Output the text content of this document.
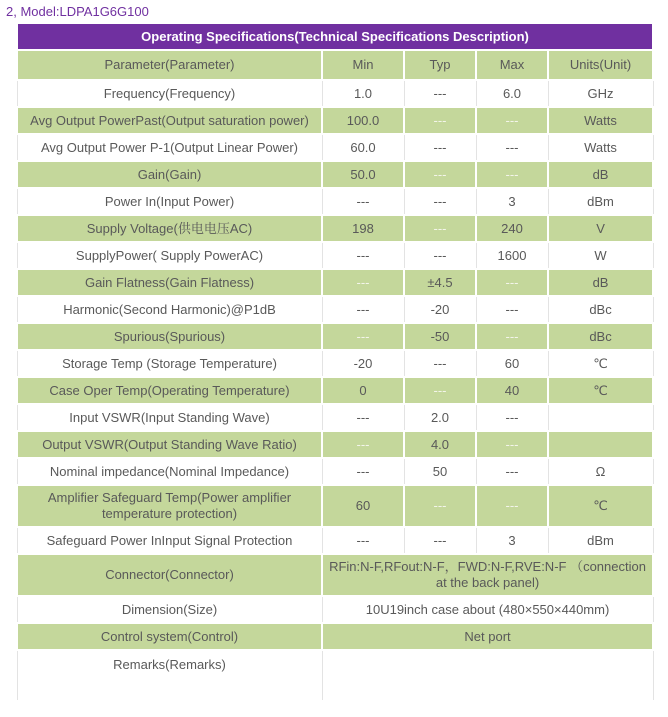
2, Model:LDPA1G6G100
Operating Specifications(Technical Specifications Description)				
Parameter(Parameter)	Min	Typ	Max	Units(Unit)
Frequency(Frequency)	1.0	---	6.0	GHz
Avg Output PowerPast(Output saturation power)	100.0	---	---	Watts
Avg Output Power P-1(Output Linear Power)	60.0	---	---	Watts
Gain(Gain)	50.0	---	---	dB
Power In(Input Power)	---	---	3	dBm
Supply Voltage(供电电压AC)	198	---	240	V
SupplyPower( Supply PowerAC)	---	---	1600	W
Gain Flatness(Gain Flatness)	---	±4.5	---	dB
Harmonic(Second Harmonic)@P1dB	---	-20	---	dBc
Spurious(Spurious)	---	-50	---	dBc
Storage Temp (Storage Temperature)	-20	---	60	℃
Case Oper Temp(Operating Temperature)	0	---	40	℃
Input VSWR(Input Standing Wave)	---	2.0	---	
Output VSWR(Output Standing Wave Ratio)	---	4.0	---	
Nominal impedance(Nominal Impedance)	---	50	---	Ω
Amplifier Safeguard Temp(Power amplifier temperature protection)	60	---	---	℃
Safeguard Power InInput Signal Protection	---	---	3	dBm
Connector(Connector)	RFin:N-F,RFout:N-F，FWD:N-F,RVE:N-F （connection at the back panel)			
Dimension(Size)	10U19inch case about (480×550×440mm)			
Control system(Control)	Net port			
Remarks(Remarks)				
